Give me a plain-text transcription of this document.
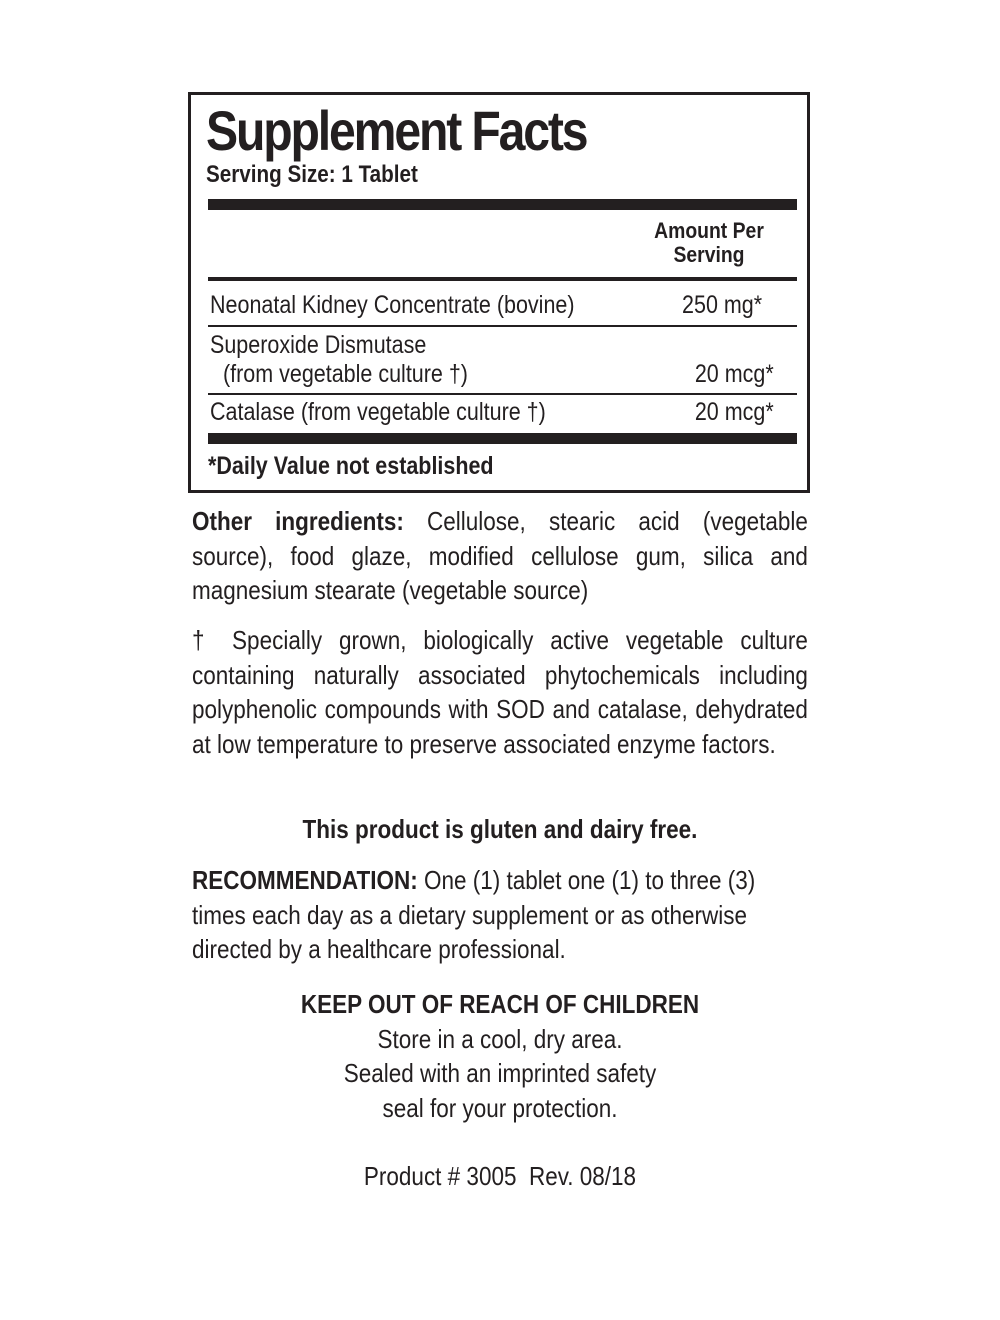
Supplement Facts
Serving Size: 1 Tablet
Amount Per
Serving
Neonatal Kidney Concentrate (bovine)	250 mg*
Superoxide Dismutase
(from vegetable culture †)	20 mcg*
Catalase (from vegetable culture †)	20 mcg*
*Daily Value not established
Other ingredients: Cellulose, stearic acid (vegetable source), food glaze, modified cellulose gum, silica and magnesium stearate (vegetable source)
† Specially grown, biologically active vegetable culture containing naturally associated phytochemicals including polyphenolic compounds with SOD and catalase, dehydrated at low temperature to preserve associated enzyme factors.
This product is gluten and dairy free.
RECOMMENDATION: One (1) tablet one (1) to three (3) times each day as a dietary supplement or as otherwise directed by a healthcare professional.
KEEP OUT OF REACH OF CHILDREN
Store in a cool, dry area.
Sealed with an imprinted safety
seal for your protection.
Product # 3005  Rev. 08/18
